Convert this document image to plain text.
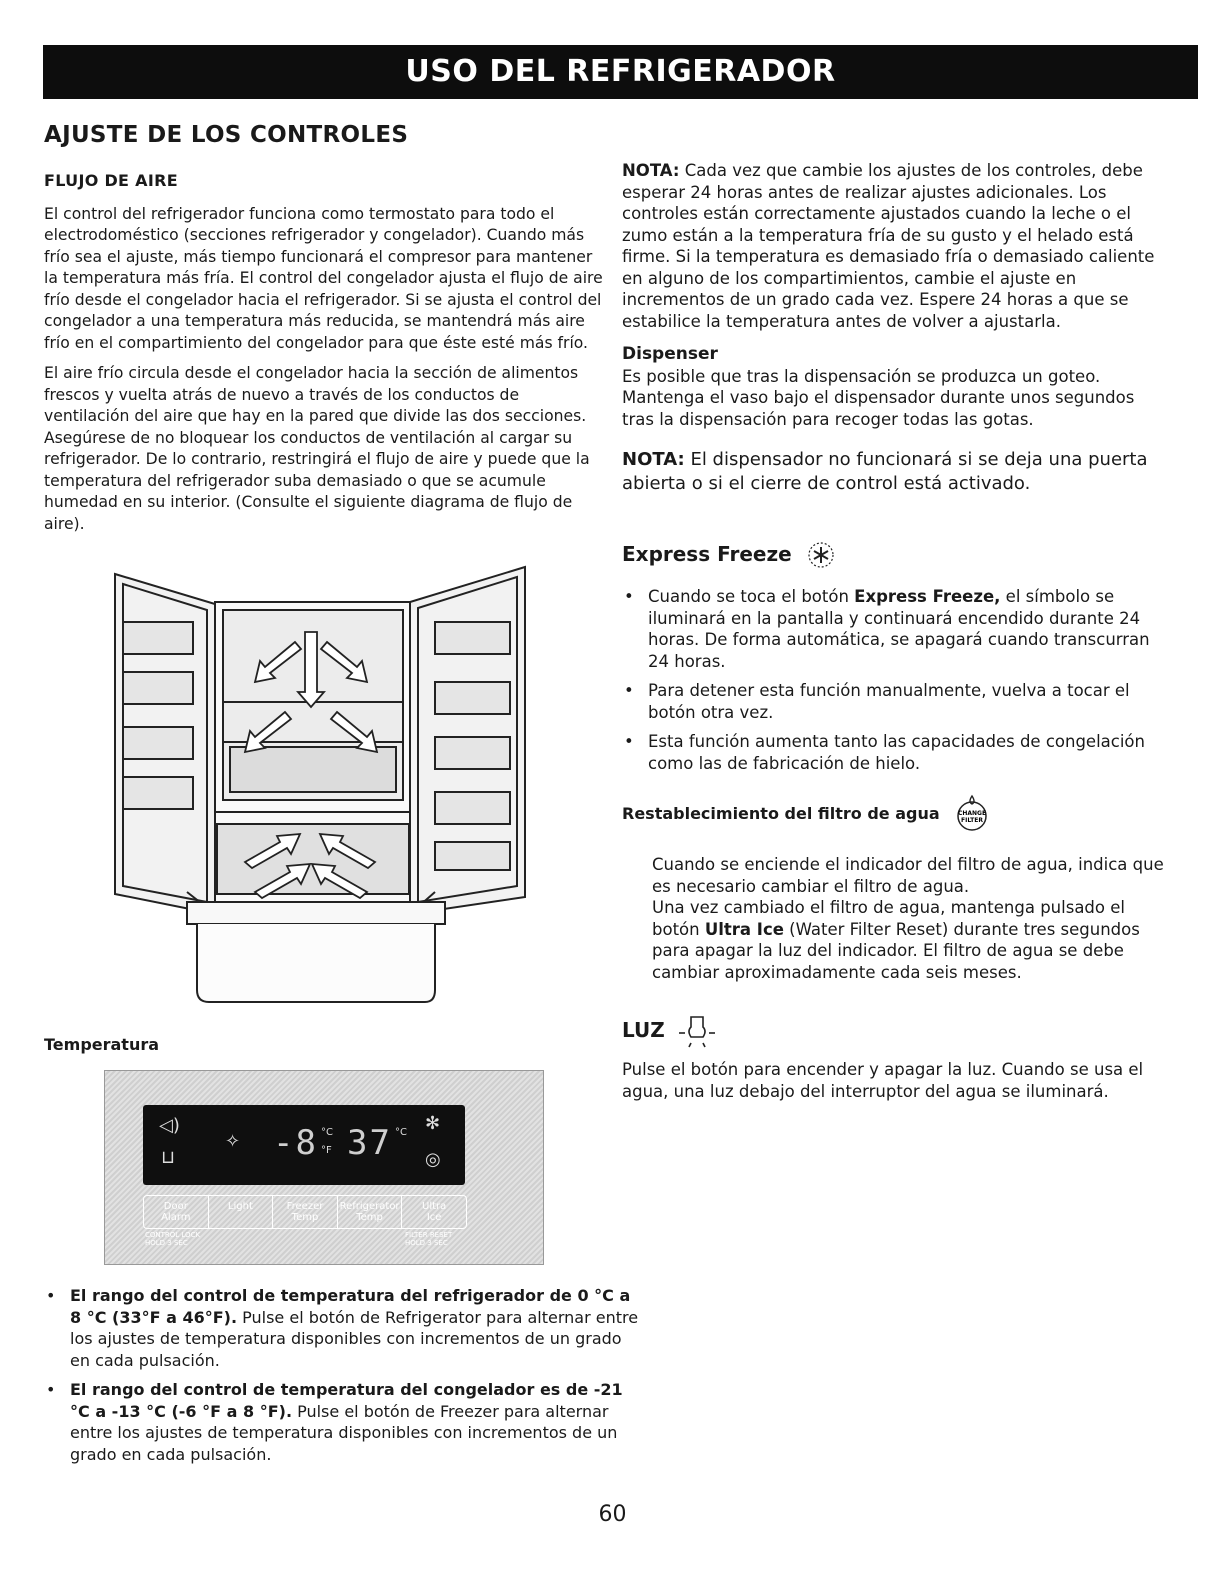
USO DEL REFRIGERADOR
AJUSTE DE LOS CONTROLES
FLUJO DE AIRE

El control del refrigerador funciona como termostato para todo el electrodoméstico (secciones refrigerador y congelador). Cuando más frío sea el ajuste, más tiempo funcionará el compresor para mantener la temperatura más fría. El control del congelador ajusta el flujo de aire frío desde el congelador hacia el refrigerador. Si se ajusta el control del congelador a una temperatura más reducida, se mantendrá más aire frío en el compartimiento del congelador para que éste esté más frío.

El aire frío circula desde el congelador hacia la sección de alimentos frescos y vuelta atrás de nuevo a través de los conductos de ventilación del aire que hay en la pared que divide las dos secciones. Asegúrese de no bloquear los conductos de ventilación al cargar su refrigerador. De lo contrario, restringirá el flujo de aire y puede que la temperatura del refrigerador suba demasiado o que se acumule humedad en su interior. (Consulte el siguiente diagrama de flujo de aire).

Temperatura
◁)
⊔
✧ -8 °C
°F 37 °C ✻
◎
Door
Alarm
Light	Freezer
Temp
Refrigerator
Temp
Ultra
Ice
CONTROL LOCK HOLD 3 SEC
FILTER RESET HOLD 3 SEC
• El rango del control de temperatura del refrigerador de 0 °C a 8 °C (33°F a 46°F). Pulse el botón de Refrigerator para alternar entre los ajustes de temperatura disponibles con incrementos de un grado en cada pulsación.
• El rango del control de temperatura del congelador es de -21 °C a -13 °C (-6 °F a 8 °F). Pulse el botón de Freezer para alternar entre los ajustes de temperatura disponibles con incrementos de un grado en cada pulsación.

NOTA: Cada vez que cambie los ajustes de los controles, debe esperar 24 horas antes de realizar ajustes adicionales. Los controles están correctamente ajustados cuando la leche o el zumo están a la temperatura fría de su gusto y el helado está firme. Si la temperatura es demasiado fría o demasiado caliente en alguno de los compartimientos, cambie el ajuste en incrementos de un grado cada vez. Espere 24 horas a que se estabilice la temperatura antes de volver a ajustarla.

Dispenser

Es posible que tras la dispensación se produzca un goteo. Mantenga el vaso bajo el dispensador durante unos segundos tras la dispensación para recoger todas las gotas.

NOTA: El dispensador no funcionará si se deja una puerta abierta o si el cierre de control está activado.

Express Freeze
• Cuando se toca el botón Express Freeze, el símbolo se iluminará en la pantalla y continuará encendido durante 24 horas. De forma automática, se apagará cuando transcurran 24 horas.
• Para detener esta función manualmente, vuelva a tocar el botón otra vez.
• Esta función aumenta tanto las capacidades de congelación como las de fabricación de hielo.
Restablecimiento del filtro de agua	CHANGE
FILTER

Cuando se enciende el indicador del filtro de agua, indica que es necesario cambiar el filtro de agua.

Una vez cambiado el filtro de agua, mantenga pulsado el botón Ultra Ice (Water Filter Reset) durante tres segundos para apagar la luz del indicador. El filtro de agua se debe cambiar aproximadamente cada seis meses.

LUZ

Pulse el botón para encender y apagar la luz. Cuando se usa el agua, una luz debajo del interruptor del agua se iluminará.

60
